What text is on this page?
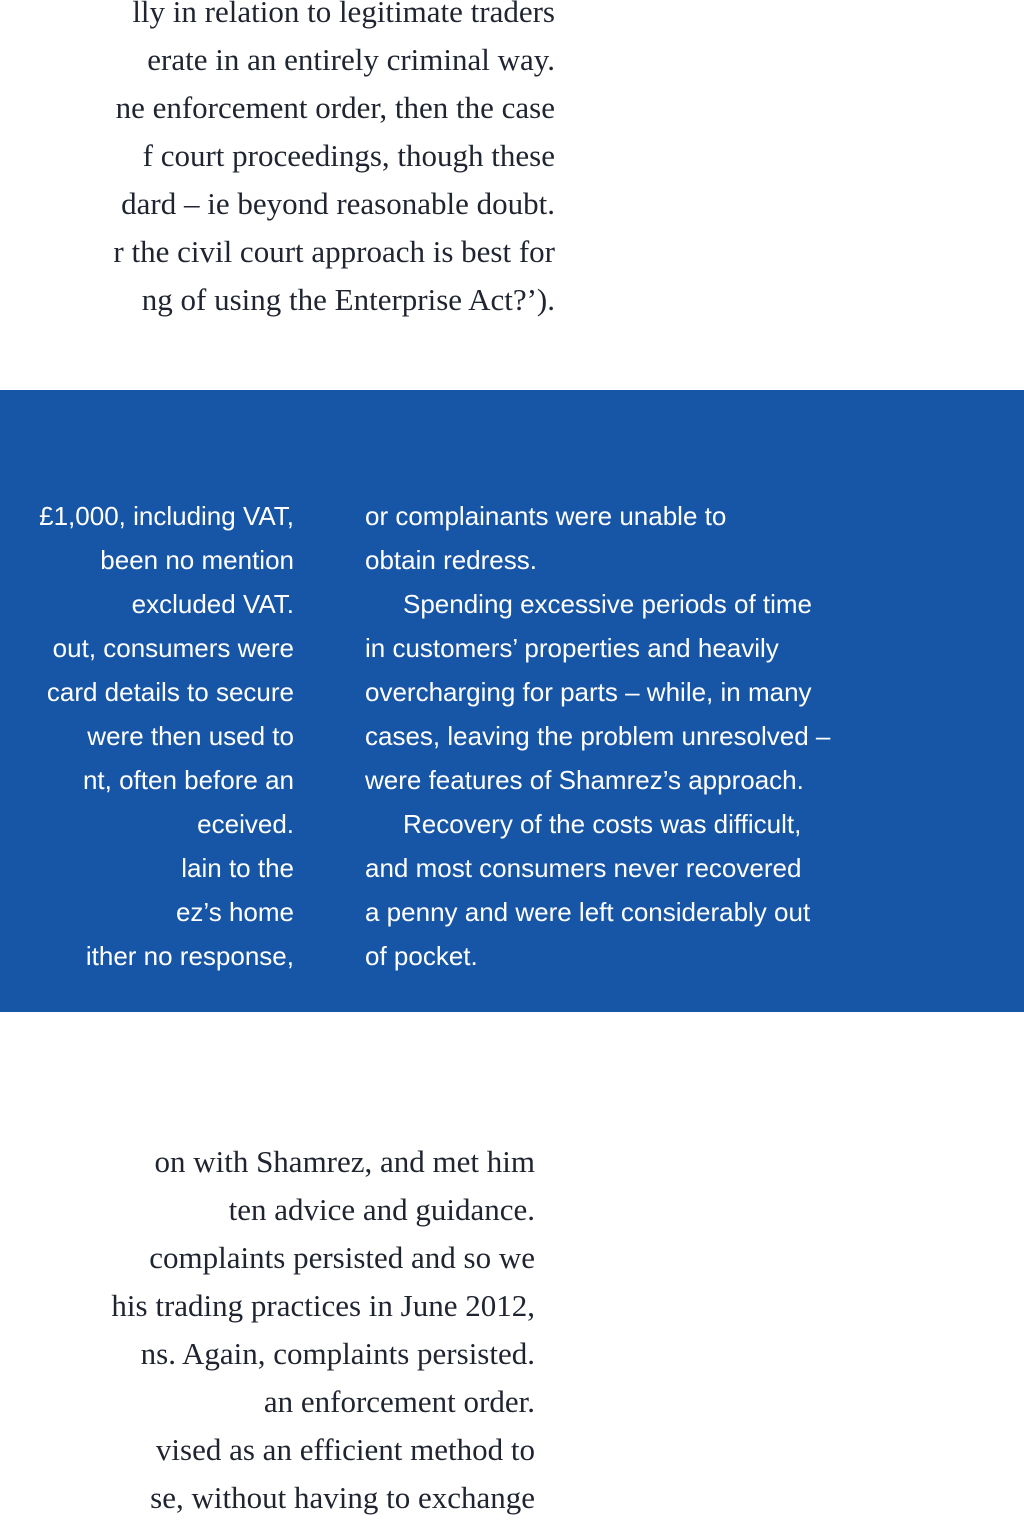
lly in relation to legitimate traders
erate in an entirely criminal way.
ne enforcement order, then the case
f court proceedings, though these
dard – ie beyond reasonable doubt.
r the civil court approach is best for
ng of using the Enterprise Act?’).
£1,000, including VAT,
been no mention
excluded VAT.
out, consumers were
card details to secure
were then used to
nt, often before an
eceived.
lain to the
ez’s home
ither no response,
or complainants were unable to
obtain redress.
Spending excessive periods of time
in customers’ properties and heavily
overcharging for parts – while, in many
cases, leaving the problem unresolved –
were features of Shamrez’s approach.
Recovery of the costs was difficult,
and most consumers never recovered
a penny and were left considerably out
of pocket.
on with Shamrez, and met him
ten advice and guidance.
complaints persisted and so we
his trading practices in June 2012,
ns. Again, complaints persisted.
an enforcement order.
vised as an efficient method to
se, without having to exchange
